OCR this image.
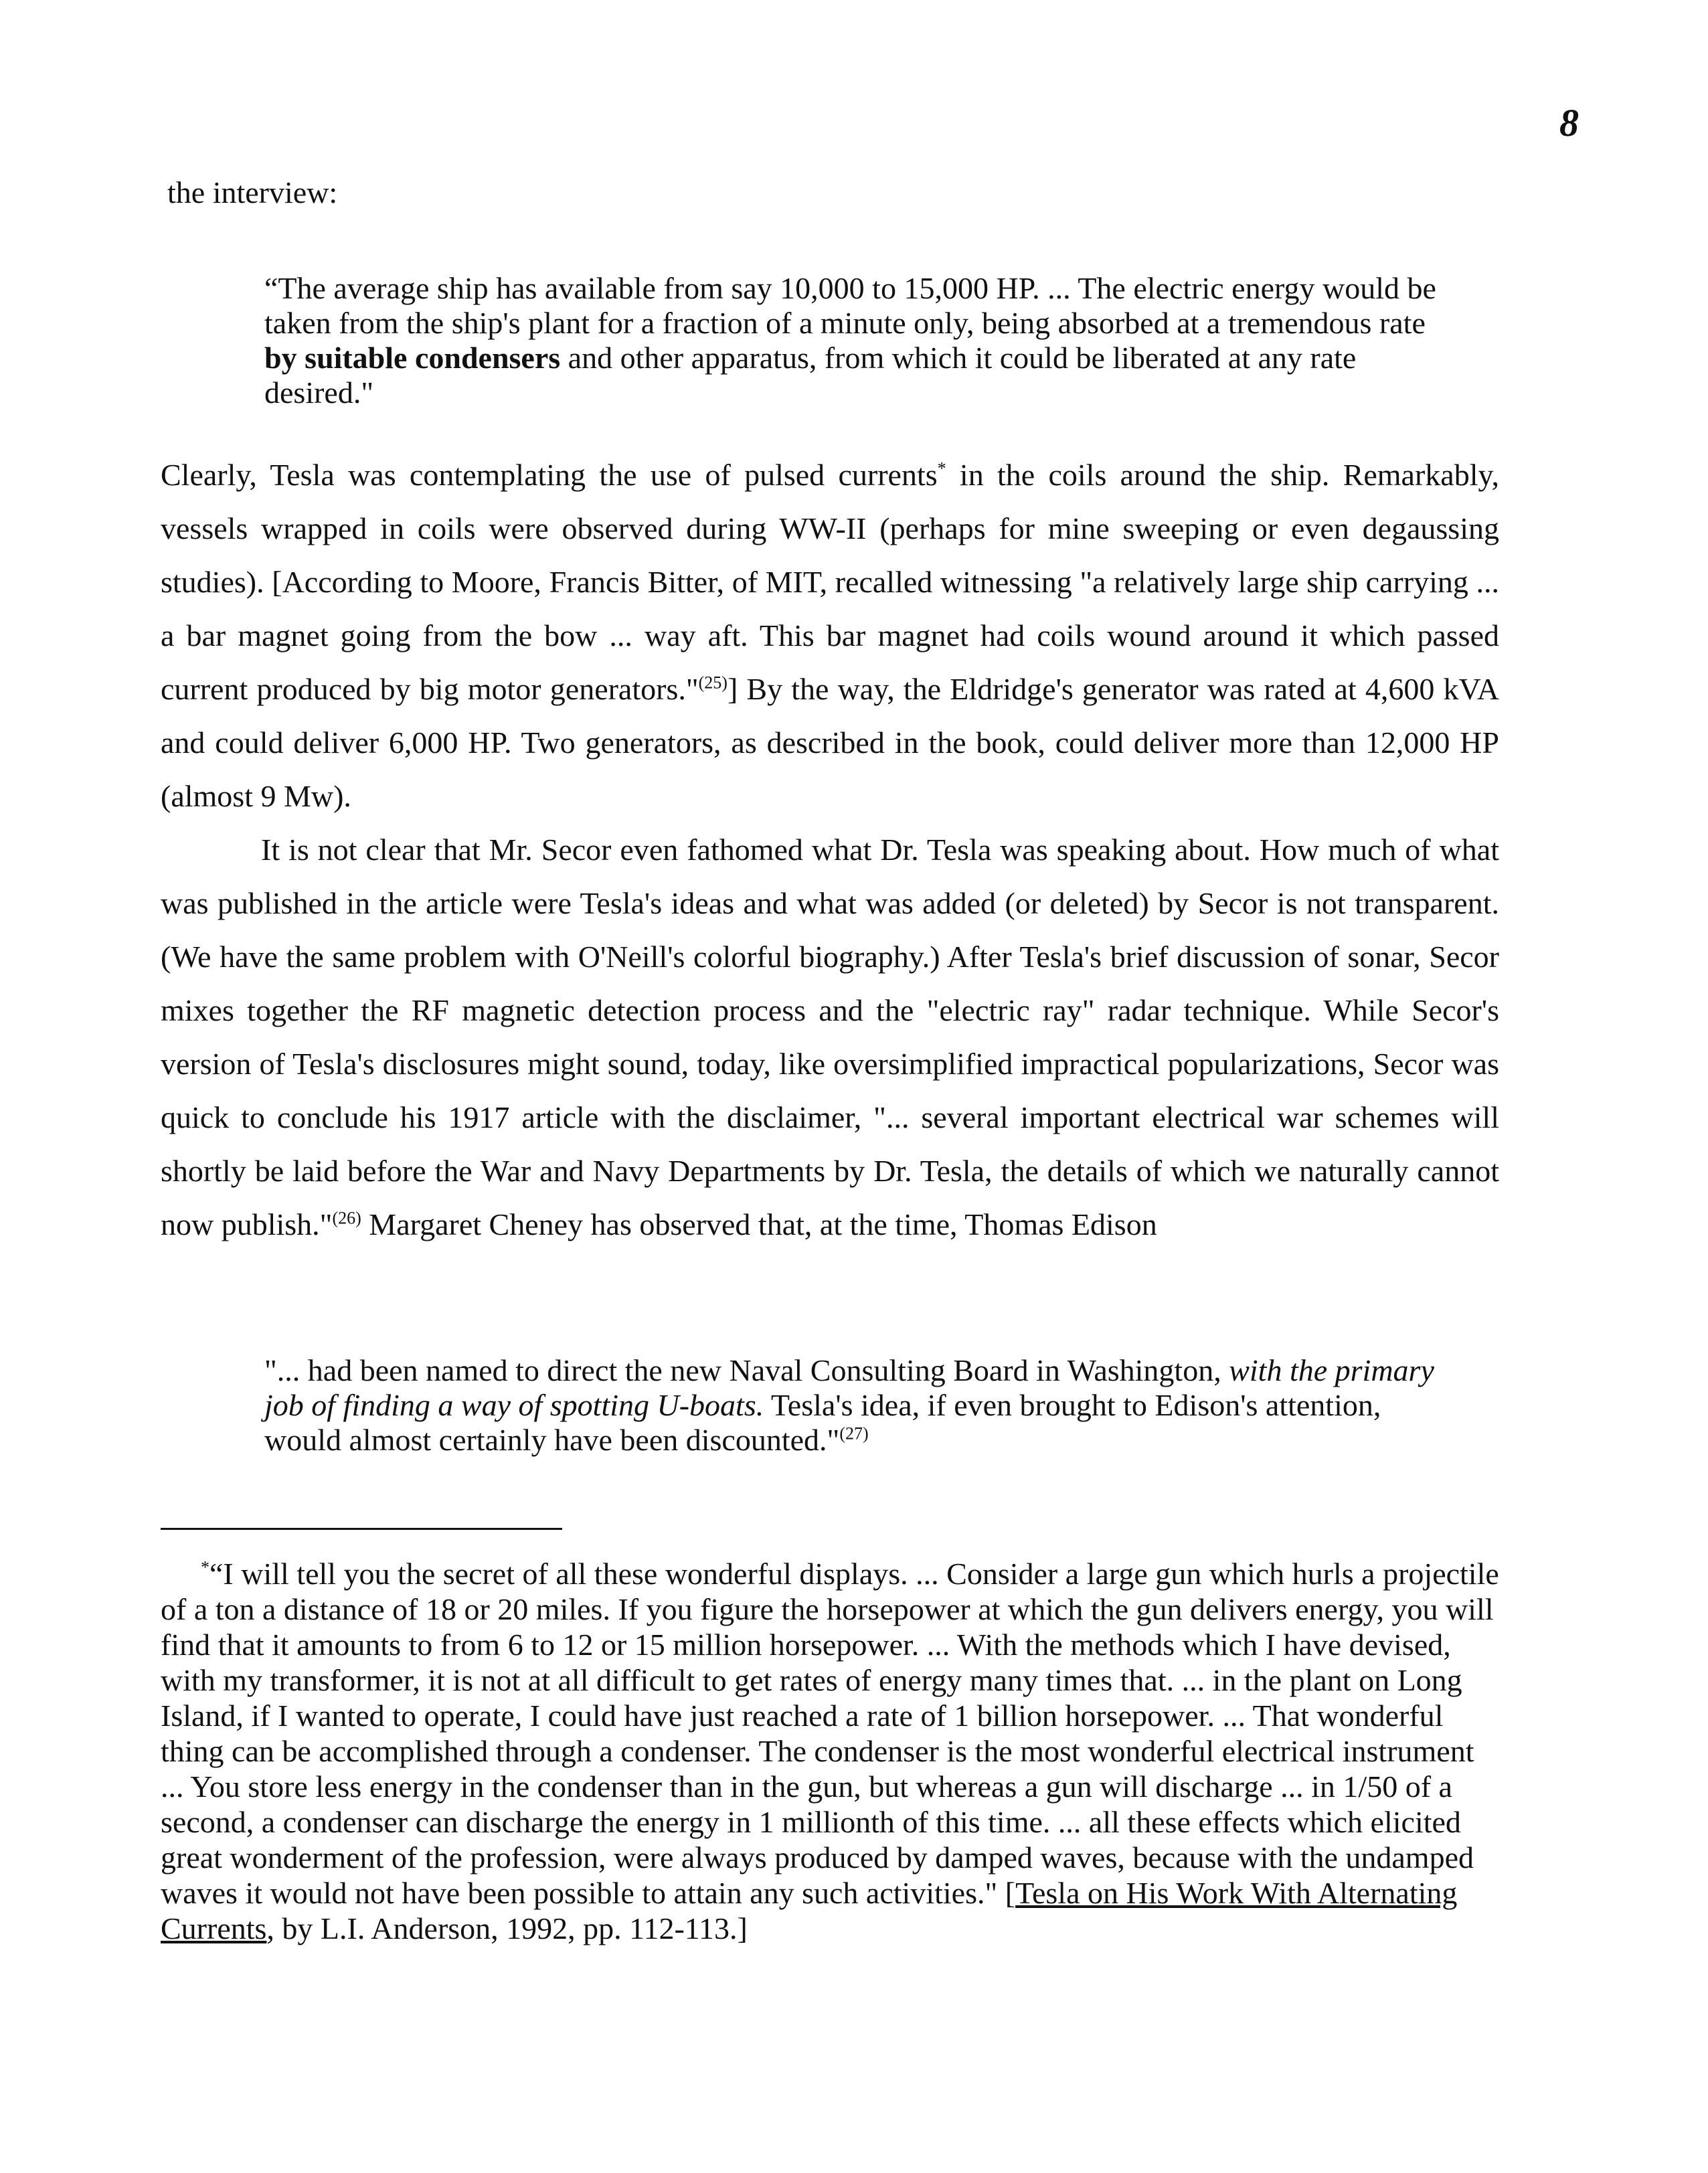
8

the interview:

“The average ship has available from say 10,000 to 15,000 HP. ... The electric energy would be taken from the ship's plant for a fraction of a minute only, being absorbed at a tremendous rate by suitable condensers and other apparatus, from which it could be liberated at any rate desired."

Clearly, Tesla was contemplating the use of pulsed currents* in the coils around the ship. Remarkably, vessels wrapped in coils were observed during WW-II (perhaps for mine sweeping or even degaussing studies). [According to Moore, Francis Bitter, of MIT, recalled witnessing "a relatively large ship carrying ... a bar magnet going from the bow ... way aft. This bar magnet had coils wound around it which passed current produced by big motor generators."$^{(25)}$] By the way, the Eldridge's generator was rated at 4,600 kVA and could deliver 6,000 HP. Two generators, as described in the book, could deliver more than 12,000 HP (almost 9 Mw).

It is not clear that Mr. Secor even fathomed what Dr. Tesla was speaking about. How much of what was published in the article were Tesla's ideas and what was added (or deleted) by Secor is not transparent. (We have the same problem with O'Neill's colorful biography.) After Tesla's brief discussion of sonar, Secor mixes together the RF magnetic detection process and the "electric ray" radar technique. While Secor's version of Tesla's disclosures might sound, today, like oversimplified impractical popularizations, Secor was quick to conclude his 1917 article with the disclaimer, "... several important electrical war schemes will shortly be laid before the War and Navy Departments by Dr. Tesla, the details of which we naturally cannot now publish."$^{(26)}$ Margaret Cheney has observed that, at the time, Thomas Edison

"... had been named to direct the new Naval Consulting Board in Washington, with the primary job of finding a way of spotting U-boats. Tesla's idea, if even brought to Edison's attention, would almost certainly have been discounted."$^{(27)}$

*“I will tell you the secret of all these wonderful displays. ... Consider a large gun which hurls a projectile of a ton a distance of 18 or 20 miles. If you figure the horsepower at which the gun delivers energy, you will find that it amounts to from 6 to 12 or 15 million horsepower. ... With the methods which I have devised, with my transformer, it is not at all difficult to get rates of energy many times that. ... in the plant on Long Island, if I wanted to operate, I could have just reached a rate of 1 billion horsepower. ... That wonderful thing can be accomplished through a condenser. The condenser is the most wonderful electrical instrument ... You store less energy in the condenser than in the gun, but whereas a gun will discharge ... in 1/50 of a second, a condenser can discharge the energy in 1 millionth of this time. ... all these effects which elicited great wonderment of the profession, were always produced by damped waves, because with the undamped waves it would not have been possible to attain any such activities." [Tesla on His Work With Alternating Currents, by L.I. Anderson, 1992, pp. 112-113.]
